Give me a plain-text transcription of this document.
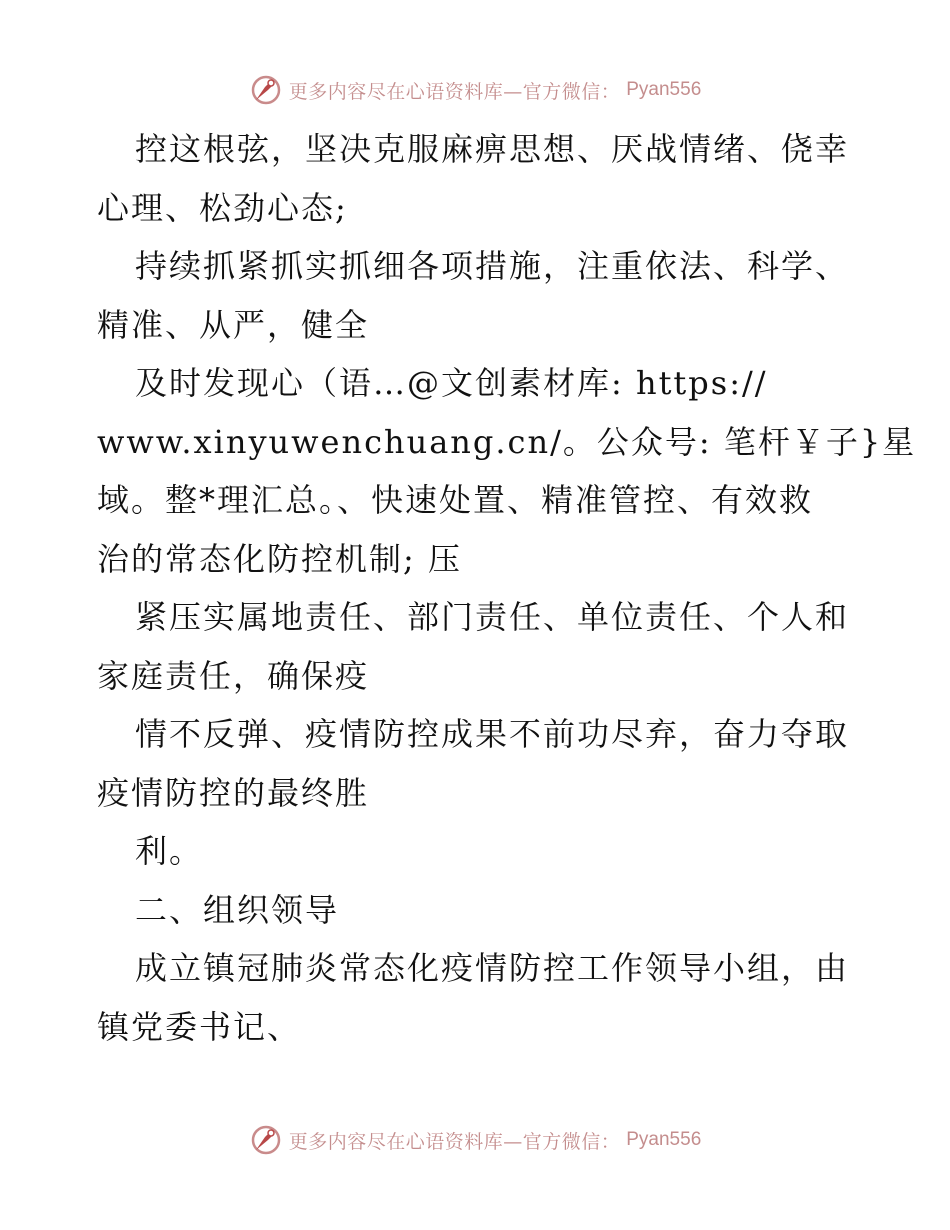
更多内容尽在心语资料库—官方微信： Pyan556
控这根弦，坚决克服麻痹思想、厌战情绪、侥幸
心理、松劲心态;
持续抓紧抓实抓细各项措施，注重依法、科学、
精准、从严，健全
及时发现心（语…@文创素材库: https://
www.xinyuwenchuang.cn/。公众号: 笔杆￥子}星
域。整*理汇总。、快速处置、精准管控、有效救
治的常态化防控机制; 压
紧压实属地责任、部门责任、单位责任、个人和
家庭责任，确保疫
情不反弹、疫情防控成果不前功尽弃，奋力夺取
疫情防控的最终胜
利。
二、组织领导
成立镇冠肺炎常态化疫情防控工作领导小组，由
镇党委书记、
更多内容尽在心语资料库—官方微信： Pyan556
